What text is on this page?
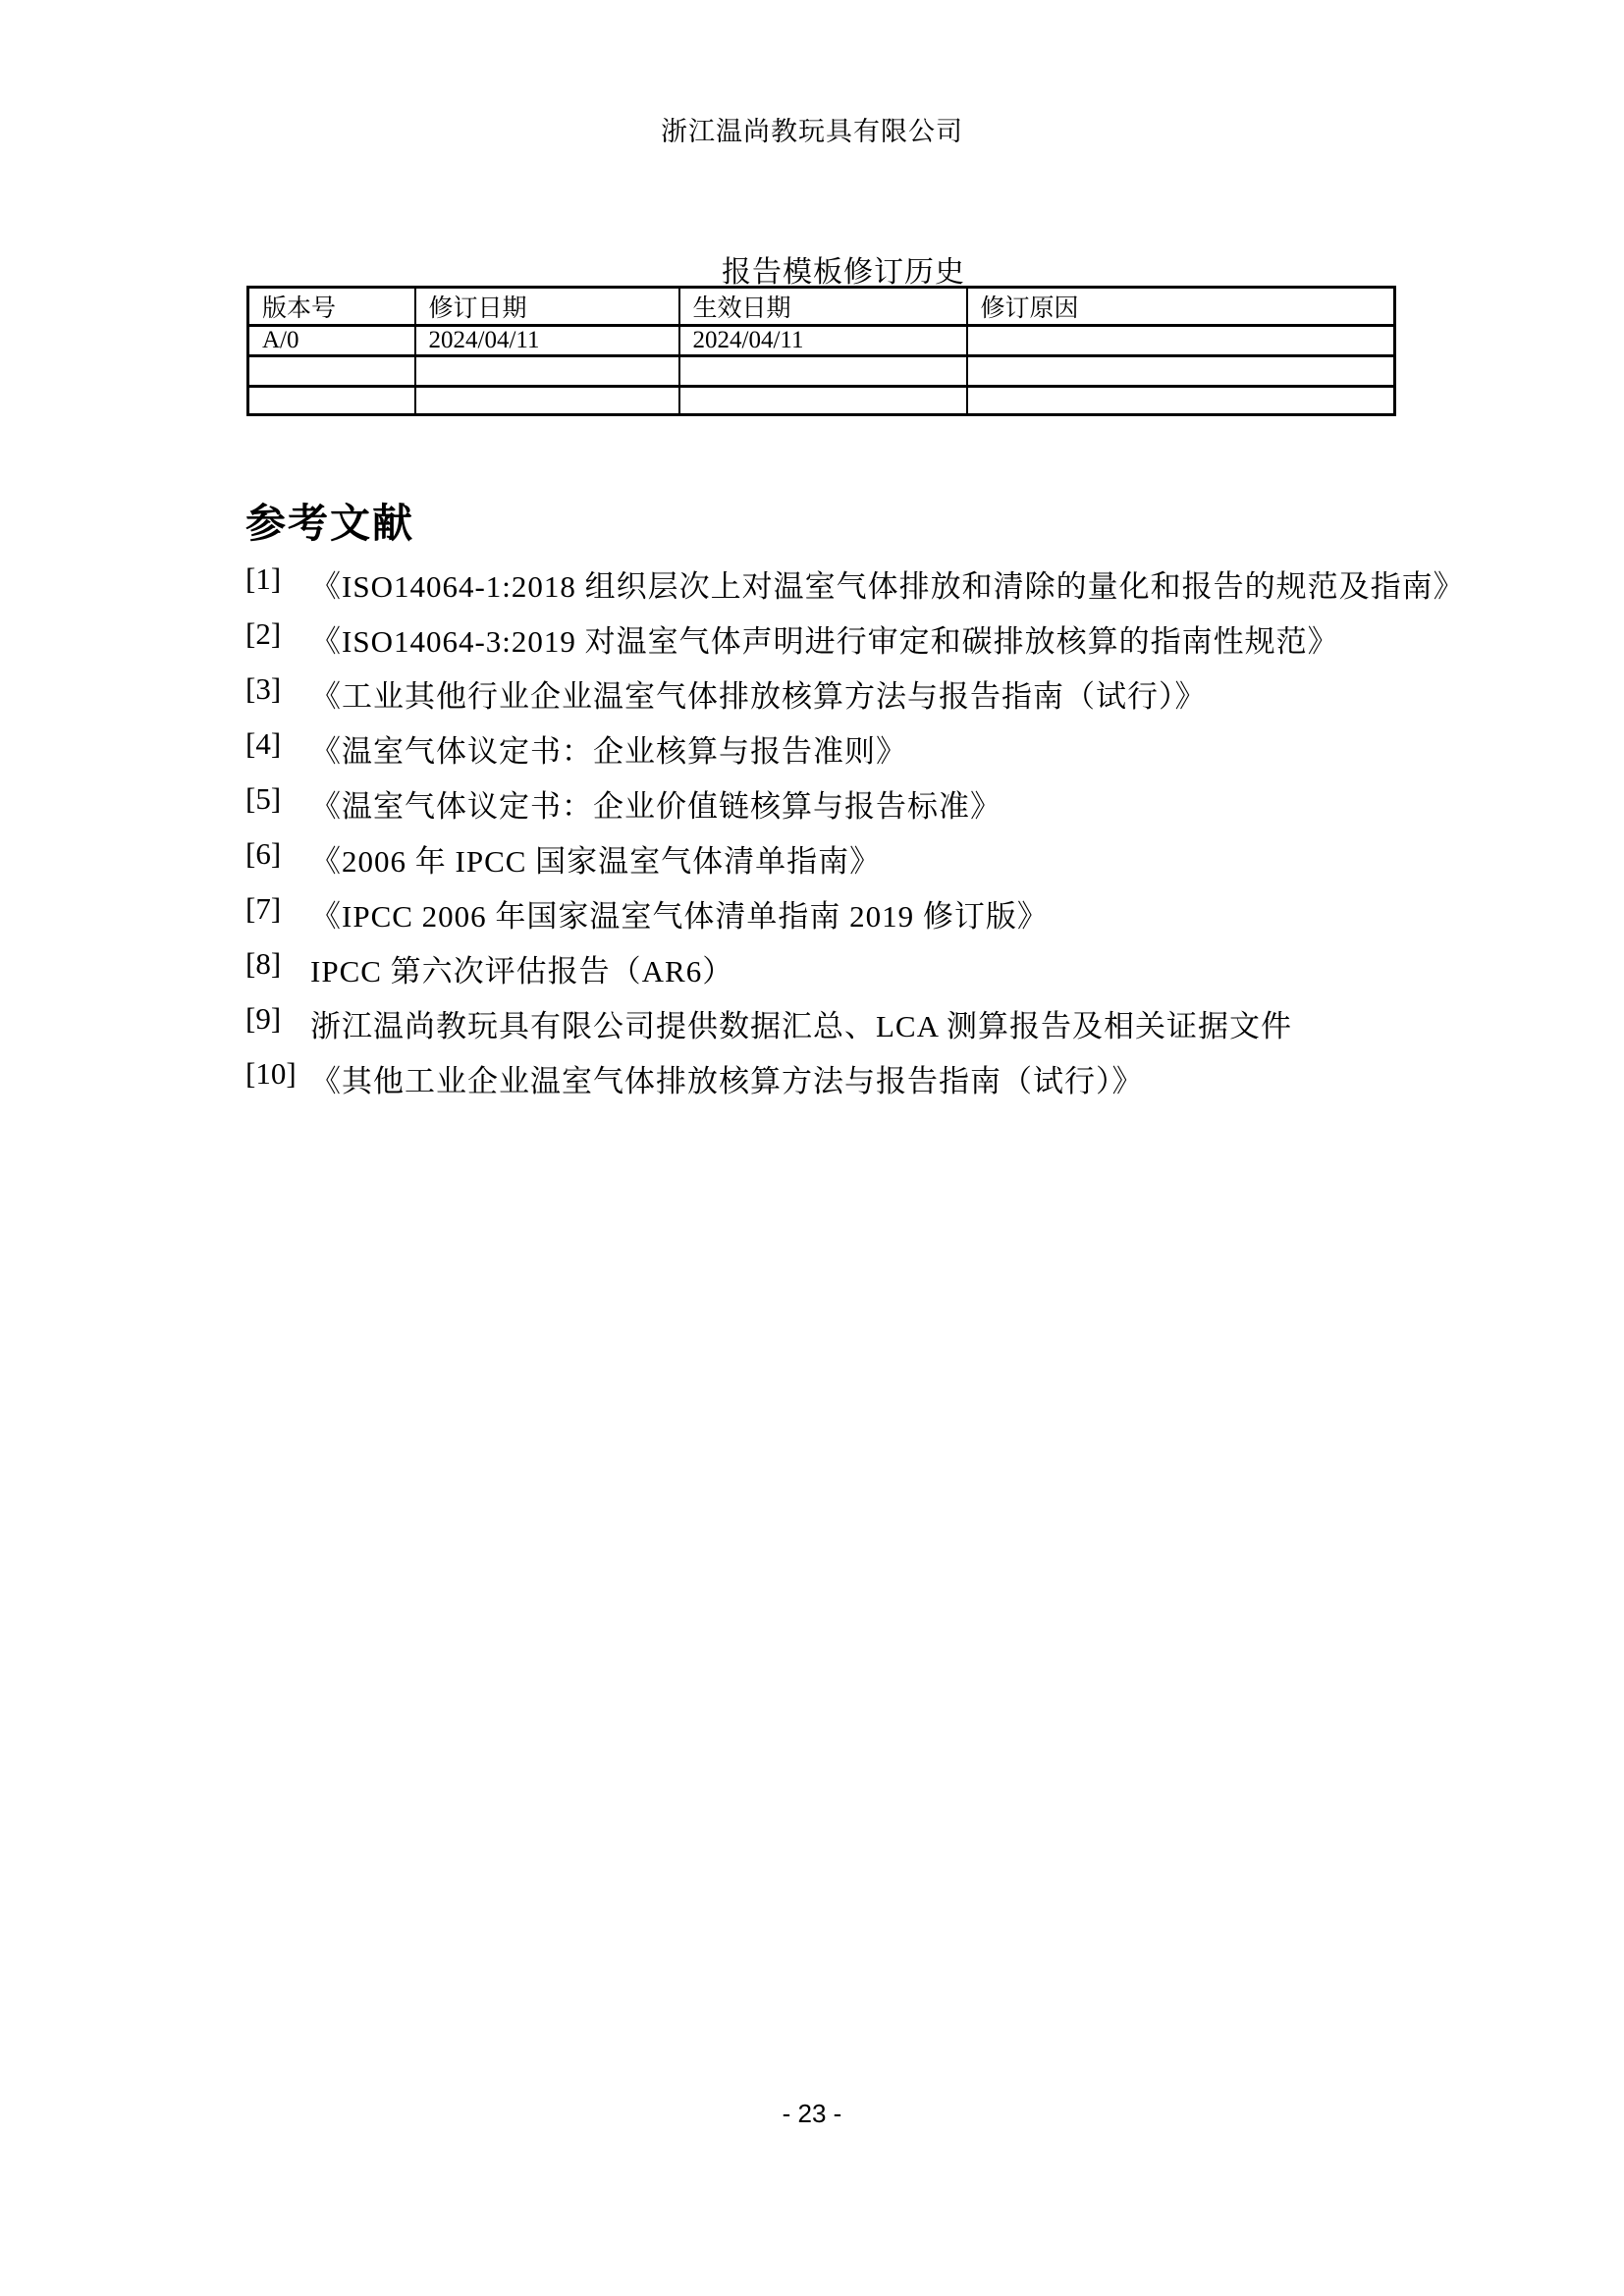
浙江温尚教玩具有限公司
报告模板修订历史
版本号	修订日期	生效日期	修订原因
A/0	2024/04/11	2024/04/11	

参考文献
[1] 《ISO14064-1:2018 组织层次上对温室气体排放和清除的量化和报告的规范及指南》
[2] 《ISO14064-3:2019 对温室气体声明进行审定和碳排放核算的指南性规范》
[3] 《工业其他行业企业温室气体排放核算方法与报告指南（试行）》
[4] 《温室气体议定书：企业核算与报告准则》
[5] 《温室气体议定书：企业价值链核算与报告标准》
[6] 《2006 年 IPCC 国家温室气体清单指南》
[7] 《IPCC 2006 年国家温室气体清单指南 2019 修订版》
[8] IPCC 第六次评估报告（AR6）
[9] 浙江温尚教玩具有限公司提供数据汇总、LCA 测算报告及相关证据文件
[10] 《其他工业企业温室气体排放核算方法与报告指南（试行）》
- 23 -
